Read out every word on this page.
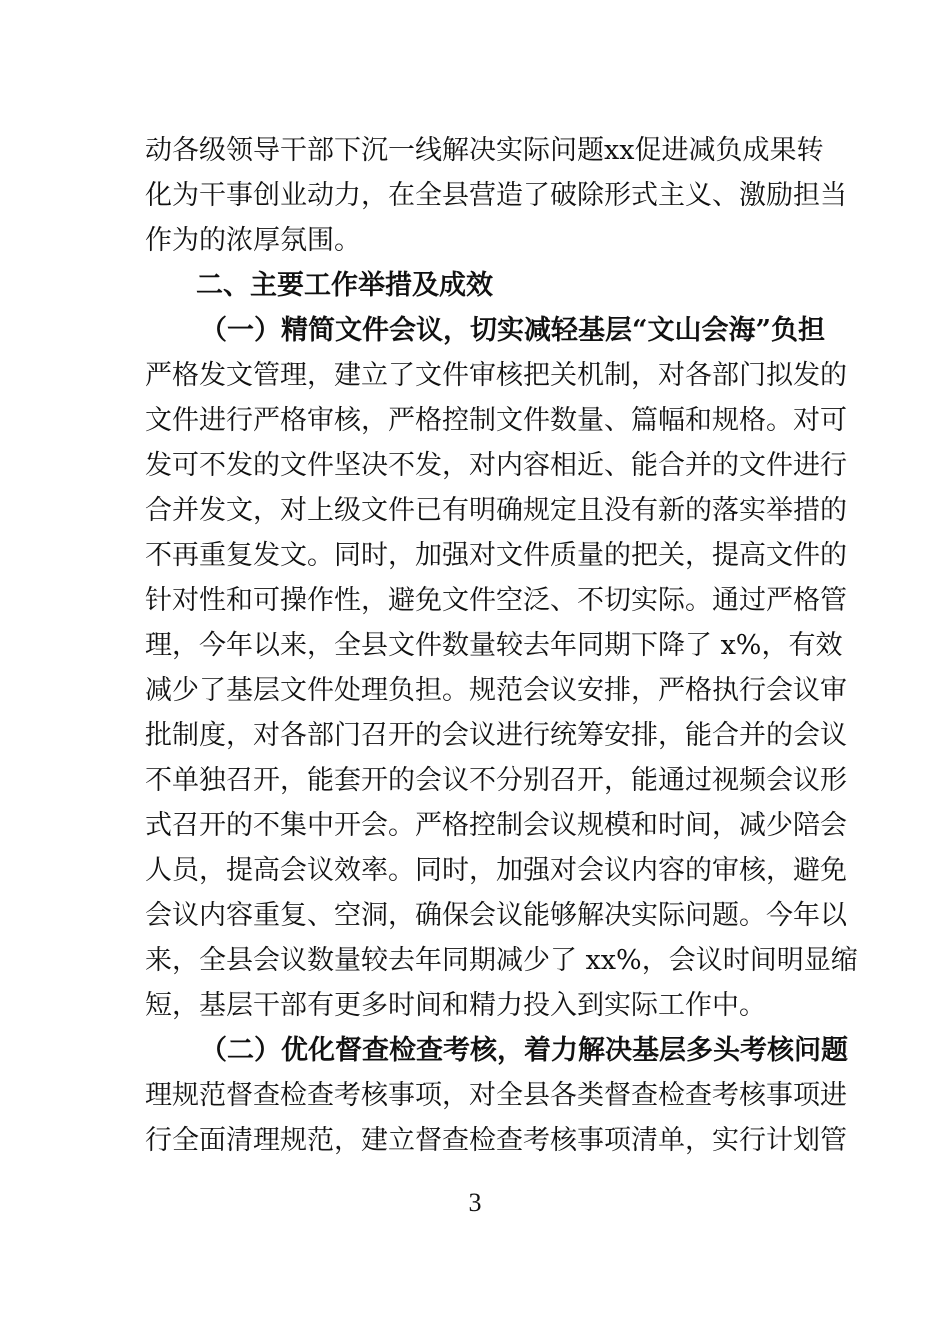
动各级领导干部下沉一线解决实际问题xx促进减负成果转
化为干事创业动力，在全县营造了破除形式主义、激励担当
作为的浓厚氛围。
二、主要工作举措及成效
（一）精简文件会议，切实减轻基层“文山会海”负担
严格发文管理，建立了文件审核把关机制，对各部门拟发的
文件进行严格审核，严格控制文件数量、篇幅和规格。对可
发可不发的文件坚决不发，对内容相近、能合并的文件进行
合并发文，对上级文件已有明确规定且没有新的落实举措的
不再重复发文。同时，加强对文件质量的把关，提高文件的
针对性和可操作性，避免文件空泛、不切实际。通过严格管
理，今年以来，全县文件数量较去年同期下降了 x%，有效
减少了基层文件处理负担。规范会议安排，严格执行会议审
批制度，对各部门召开的会议进行统筹安排，能合并的会议
不单独召开，能套开的会议不分别召开，能通过视频会议形
式召开的不集中开会。严格控制会议规模和时间，减少陪会
人员，提高会议效率。同时，加强对会议内容的审核，避免
会议内容重复、空洞，确保会议能够解决实际问题。今年以
来，全县会议数量较去年同期减少了 xx%，会议时间明显缩
短，基层干部有更多时间和精力投入到实际工作中。
（二）优化督查检查考核，着力解决基层多头考核问题
理规范督查检查考核事项，对全县各类督查检查考核事项进
行全面清理规范，建立督查检查考核事项清单，实行计划管
3
